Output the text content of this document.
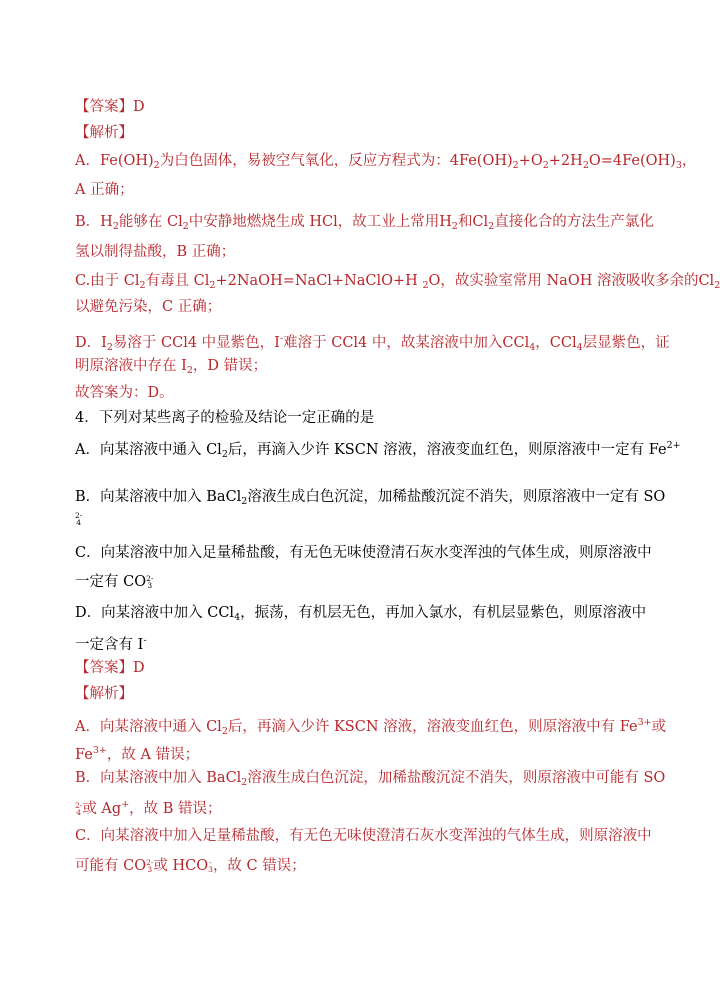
【答案】D
【解析】
A．$Fe(OH)_2$为白色固体，易被空气氧化，反应方程式为：$4Fe(OH)_2+O_2+2H_2O=4Fe(OH)_3$，
A 正确；
B．$H_2$能够在 $Cl_2$中安静地燃烧生成 HCl，故工业上常用$H_2$和$Cl_2$直接化合的方法生产氯化
氢以制得盐酸，B 正确；
C.由于 $Cl_2$有毒且 $Cl_2+2NaOH=NaCl+NaClO+H$ $_2$O，故实验室常用 NaOH 溶液吸收多余的$Cl_2$
以避免污染，C 正确；
D．$I_2$易溶于 CCl4 中显紫色，I-难溶于 CCl4 中，故某溶液中加入CCl$_4$，CCl$_4$层显紫色，证
明原溶液中存在 $I_2$，D 错误；
故答案为：D。
4．下列对某些离子的检验及结论一定正确的是
A．向某溶液中通入 $Cl_2$后，再滴入少许 KSCN 溶液，溶液变血红色，则原溶液中一定有 $Fe^{2+}$
B．向某溶液中加入 BaCl$_2$溶液生成白色沉淀，加稀盐酸沉淀不消失，则原溶液中一定有 SO
2-
4
C．向某溶液中加入足量稀盐酸，有无色无味使澄清石灰水变浑浊的气体生成，则原溶液中
一定有 CO 2-
3
D．向某溶液中加入 CCl$_4$，振荡，有机层无色，再加入氯水，有机层显紫色，则原溶液中
一定含有 I-
【答案】D
【解析】
A．向某溶液中通入 $Cl_2$后，再滴入少许 KSCN 溶液，溶液变血红色，则原溶液中有 $Fe^{3+}$或
$Fe^{3+}$，故 A 错误；
B．向某溶液中加入 BaCl$_2$溶液生成白色沉淀，加稀盐酸沉淀不消失，则原溶液中可能有 SO
2-
4 或 Ag+，故 B 错误；
C．向某溶液中加入足量稀盐酸，有无色无味使澄清石灰水变浑浊的气体生成，则原溶液中
可能有 CO 2-
3 或 HCO -
3 ，故 C 错误；
